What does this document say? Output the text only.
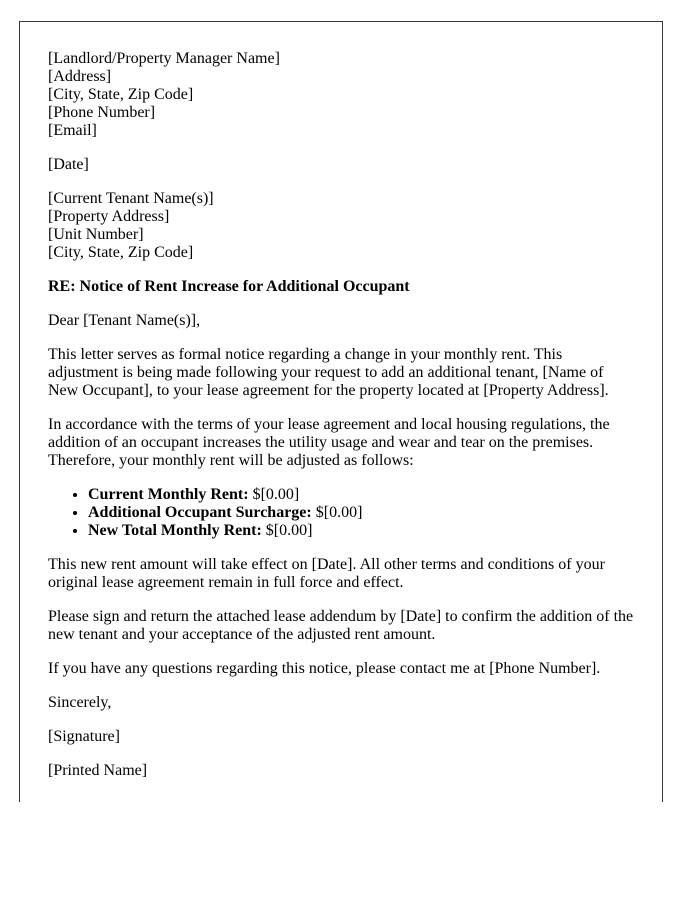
[Landlord/Property Manager Name]
[Address]
[City, State, Zip Code]
[Phone Number]
[Email]

[Date]

[Current Tenant Name(s)]
[Property Address]
[Unit Number]
[City, State, Zip Code]

RE: Notice of Rent Increase for Additional Occupant

Dear [Tenant Name(s)],

This letter serves as formal notice regarding a change in your monthly rent. This adjustment is being made following your request to add an additional tenant, [Name of New Occupant], to your lease agreement for the property located at [Property Address].

In accordance with the terms of your lease agreement and local housing regulations, the addition of an occupant increases the utility usage and wear and tear on the premises. Therefore, your monthly rent will be adjusted as follows:

• Current Monthly Rent: $[0.00]
• Additional Occupant Surcharge: $[0.00]
• New Total Monthly Rent: $[0.00]

This new rent amount will take effect on [Date]. All other terms and conditions of your original lease agreement remain in full force and effect.

Please sign and return the attached lease addendum by [Date] to confirm the addition of the new tenant and your acceptance of the adjusted rent amount.

If you have any questions regarding this notice, please contact me at [Phone Number].

Sincerely,

[Signature]

[Printed Name]
